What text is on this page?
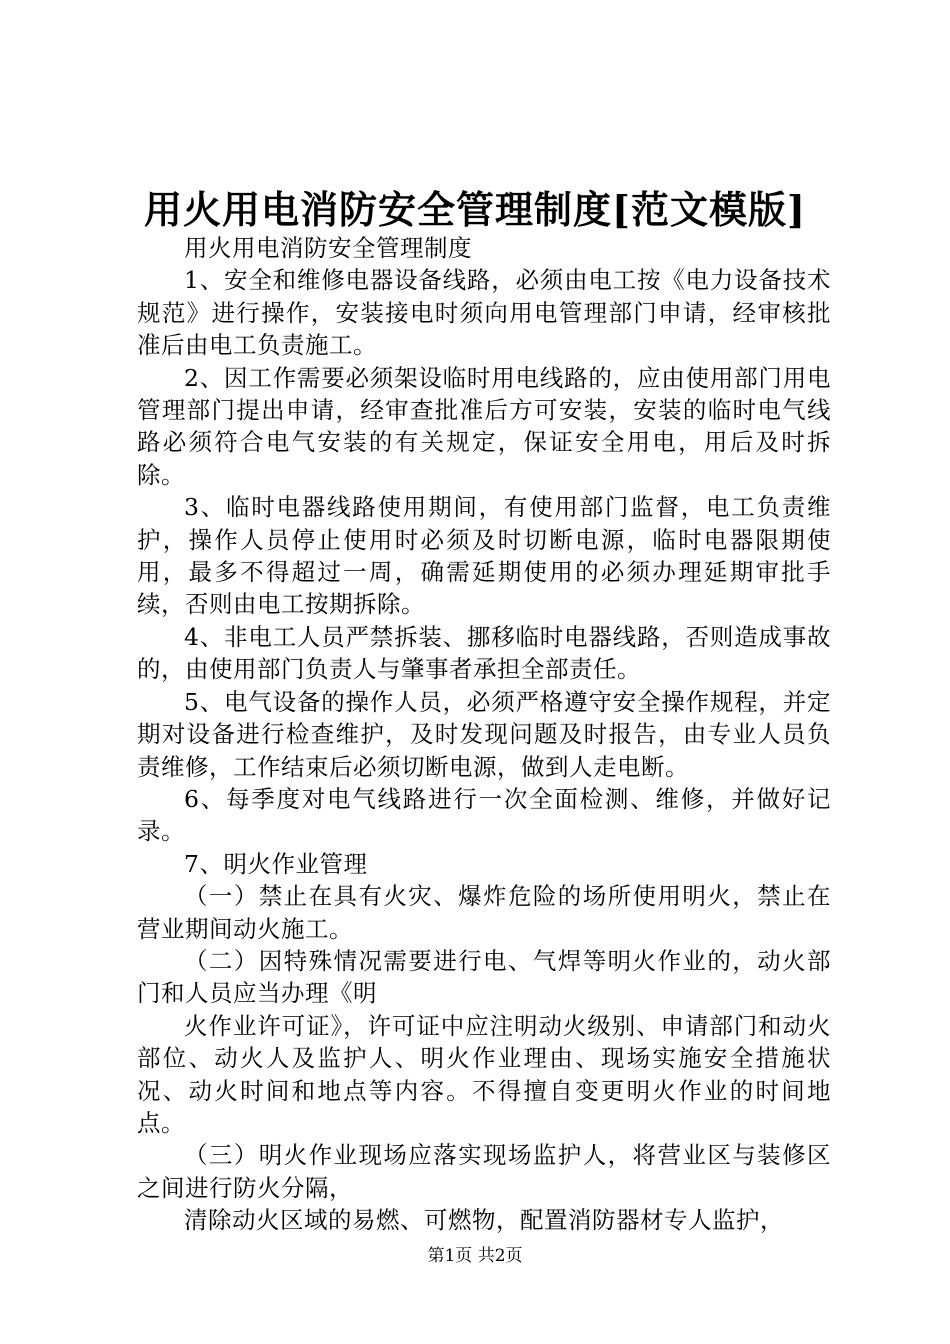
用火用电消防安全管理制度[范文模版]

用火用电消防安全管理制度

1、安全和维修电器设备线路，必须由电工按《电力设备技术规范》进行操作，安装接电时须向用电管理部门申请，经审核批准后由电工负责施工。

2、因工作需要必须架设临时用电线路的，应由使用部门用电管理部门提出申请，经审查批准后方可安装，安装的临时电气线路必须符合电气安装的有关规定，保证安全用电，用后及时拆除。

3、临时电器线路使用期间，有使用部门监督，电工负责维护，操作人员停止使用时必须及时切断电源，临时电器限期使用，最多不得超过一周，确需延期使用的必须办理延期审批手续，否则由电工按期拆除。

4、非电工人员严禁拆装、挪移临时电器线路，否则造成事故的，由使用部门负责人与肇事者承担全部责任。

5、电气设备的操作人员，必须严格遵守安全操作规程，并定期对设备进行检查维护，及时发现问题及时报告，由专业人员负责维修，工作结束后必须切断电源，做到人走电断。

6、每季度对电气线路进行一次全面检测、维修，并做好记录。

7、明火作业管理

（一）禁止在具有火灾、爆炸危险的场所使用明火，禁止在营业期间动火施工。

（二）因特殊情况需要进行电、气焊等明火作业的，动火部门和人员应当办理《明

火作业许可证》，许可证中应注明动火级别、申请部门和动火部位、动火人及监护人、明火作业理由、现场实施安全措施状况、动火时间和地点等内容。不得擅自变更明火作业的时间地点。

（三）明火作业现场应落实现场监护人，将营业区与装修区之间进行防火分隔，

清除动火区域的易燃、可燃物，配置消防器材专人监护，

第1页 共2页
